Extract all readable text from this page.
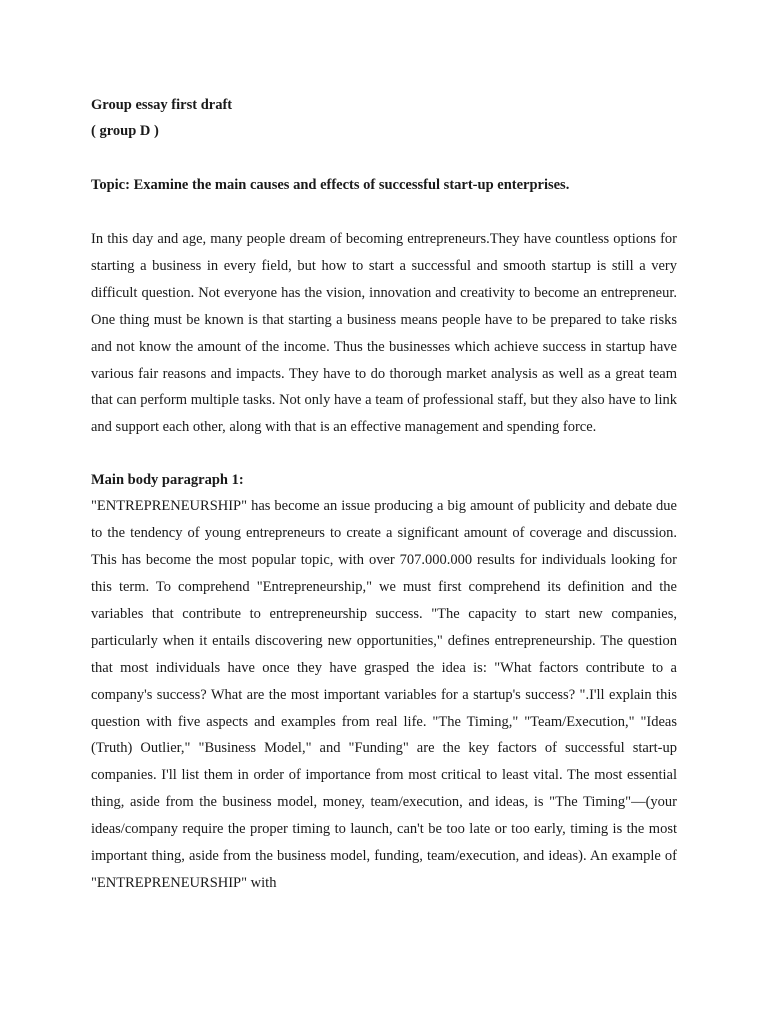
Group essay first draft

( group D )

Topic: Examine the main causes and effects of successful start-up enterprises.

In this day and age, many people dream of becoming entrepreneurs.They have countless options for starting a business in every field, but how to start a successful and smooth startup is still a very difficult question. Not everyone has the vision, innovation and creativity to become an entrepreneur. One thing must be known is that starting a business means people have to be prepared to take risks and not know the amount of the income. Thus the businesses which achieve success in startup have various fair reasons and impacts. They have to do thorough market analysis as well as a great team that can perform multiple tasks. Not only have a team of professional staff, but they also have to link and support each other, along with that is an effective management and spending force.

Main body paragraph 1:

"ENTREPRENEURSHIP" has become an issue producing a big amount of publicity and debate due to the tendency of young entrepreneurs to create a significant amount of coverage and discussion. This has become the most popular topic, with over 707.000.000 results for individuals looking for this term. To comprehend "Entrepreneurship," we must first comprehend its definition and the variables that contribute to entrepreneurship success. "The capacity to start new companies, particularly when it entails discovering new opportunities," defines entrepreneurship. The question that most individuals have once they have grasped the idea is: "What factors contribute to a company's success? What are the most important variables for a startup's success? ".I'll explain this question with five aspects and examples from real life. "The Timing," "Team/Execution," "Ideas (Truth) Outlier," "Business Model," and "Funding" are the key factors of successful start-up companies. I'll list them in order of importance from most critical to least vital. The most essential thing, aside from the business model, money, team/execution, and ideas, is "The Timing"—(your ideas/company require the proper timing to launch, can't be too late or too early, timing is the most important thing, aside from the business model, funding, team/execution, and ideas). An example of "ENTREPRENEURSHIP" with
